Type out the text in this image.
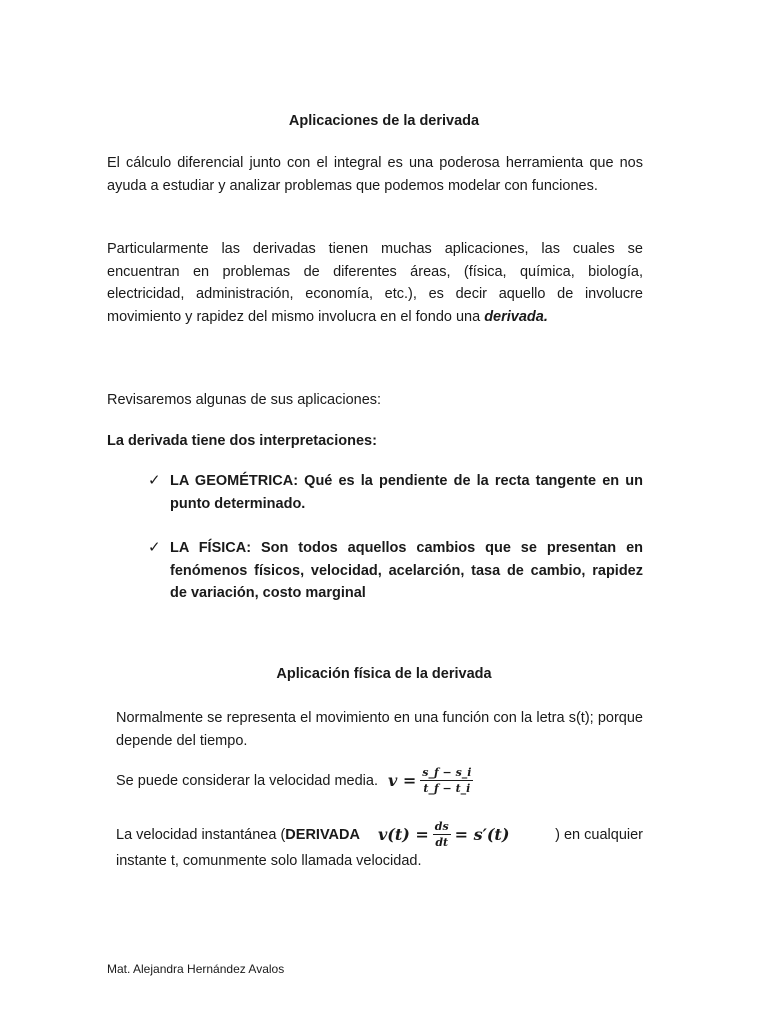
Aplicaciones de la derivada

El cálculo diferencial junto con el integral es una poderosa herramienta que nos ayuda a estudiar y analizar problemas que podemos modelar con funciones.

Particularmente las derivadas tienen muchas aplicaciones, las cuales se encuentran en problemas de diferentes áreas, (física, química, biología, electricidad, administración, economía, etc.), es decir aquello de involucre movimiento y rapidez del mismo involucra en el fondo una derivada.

Revisaremos algunas de sus aplicaciones:

La derivada tiene dos interpretaciones:

✓ LA GEOMÉTRICA: Qué es la pendiente de la recta tangente en un punto determinado.
✓ LA FÍSICA: Son todos aquellos cambios que se presentan en fenómenos físicos, velocidad, acelarción, tasa de cambio, rapidez de variación, costo marginal
Aplicación física de la derivada

Normalmente se representa el movimiento en una función con la letra s(t); porque depende del tiempo.

Se puede considerar la velocidad media. $v = \frac{s\_f - s\_i}{t\_f - t\_i}$
La velocidad instantánea ( DERIVADA $v(t) = \frac{ds}{dt} = s'(t)$	) en cualquier
instante t, comunmente solo llamada velocidad.
Mat. Alejandra Hernández Avalos
